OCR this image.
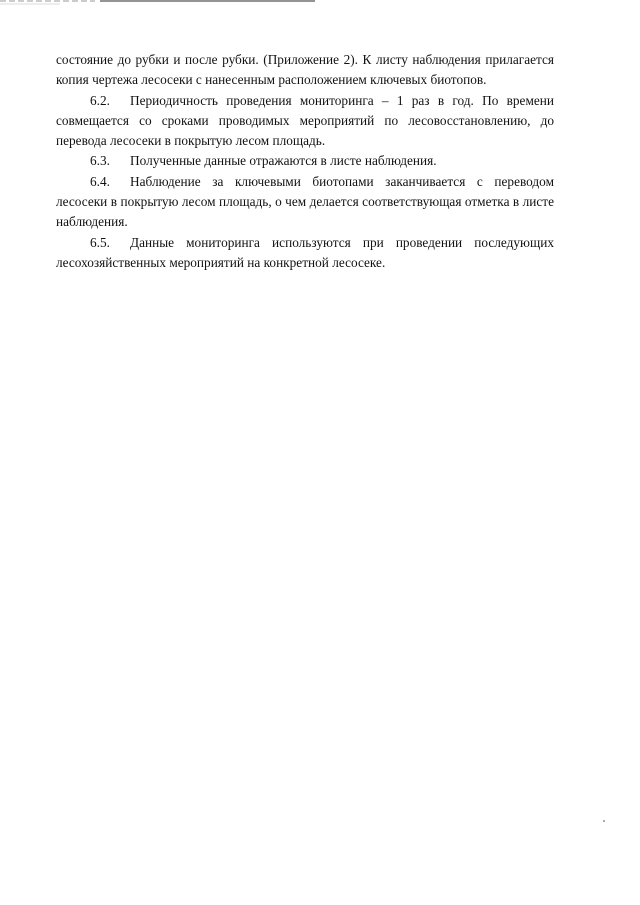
состояние до рубки и после рубки. (Приложение 2). К листу наблюдения прилагается копия чертежа лесосеки с нанесенным расположением ключевых биотопов.

6.2. Периодичность проведения мониторинга – 1 раз в год. По времени совмещается со сроками проводимых мероприятий по лесовосстановлению, до перевода лесосеки в покрытую лесом площадь.

6.3. Полученные данные отражаются в листе наблюдения.

6.4. Наблюдение за ключевыми биотопами заканчивается с переводом лесосеки в покрытую лесом площадь, о чем делается соответствующая отметка в листе наблюдения.

6.5. Данные мониторинга используются при проведении последующих лесохозяйственных мероприятий на конкретной лесосеке.
